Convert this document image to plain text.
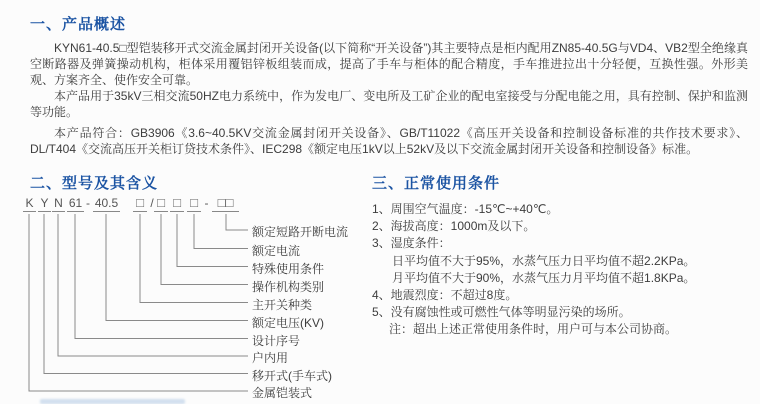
一、产品概述

KYN61-40.5□型铠装移开式交流金属封闭开关设备(以下简称“开关设备”)其主要特点是柜内配用ZN85-40.5G与VD4、VB2型全绝缘真空断路器及弹簧操动机构，柜体采用覆铝锌板组装而成，提高了手车与柜体的配合精度，手车推进拉出十分轻便，互换性强。外形美观、方案齐全、使作安全可靠。

本产品用于35kV三相交流50HZ电力系统中，作为发电厂、变电所及工矿企业的配电室接受与分配电能之用，具有控制、保护和监测等功能。

本产品符合：GB3906《3.6~40.5KV交流金属封闭开关设备》、GB/T11022《高压开关设备和控制设备标准的共作技术要求》、DL/T404《交流高压开关柜订贷技术条件》、IEC298《额定电压1kV以上52kV及以下交流金属封闭开关设备和控制设备》标准。

二、型号及其含义
K Y N 61 - 40.5 □ / □ □ □ - □□
额定短路开断电流
额定电流
特殊使用条件
操作机构类别
主开关种类
额定电压(KV)
设计序号
户内用
移开式(手车式)
金属铠装式
三、正常使用条件
1、周围空气温度：-15℃~+40℃。
2、海拔高度：1000m及以下。
3、湿度条件：
日平均值不大于95%，水蒸气压力日平均值不超2.2KPa。
月平均值不大于90%，水蒸气压力月平均值不超1.8KPa。
4、地震烈度：不超过8度。
5、没有腐蚀性或可燃性气体等明显污染的场所。
注：超出上述正常使用条件时，用户可与本公司协商。
